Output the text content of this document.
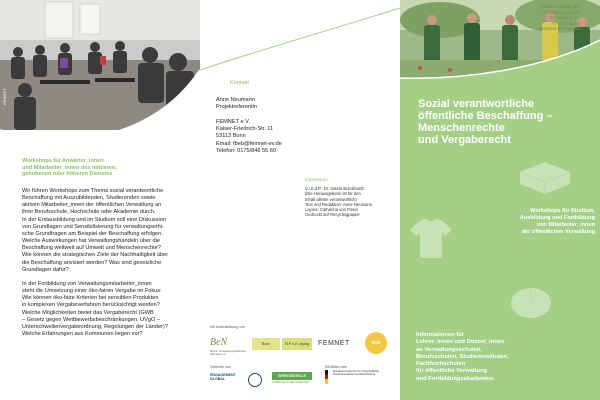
FEMNET
Workshops für Anwärter_innen
und Mitarbeiter_innen des mittleren,
gehobenen oder höheren Dienstes

Wir führen Workshops zum Thema sozial verantwortliche
Beschaffung mit Auszubildenden, Studierenden sowie
aktiven Mitarbeiter_innen der öffentlichen Verwaltung an
ihrer Berufsschule, Hochschule oder Akademie durch.
In der Erstausbildung und im Studium soll eine Diskussion
von Grundlagen und Sensibilisierung für verwaltungsethi-
sche Grundfragen am Beispiel der Beschaffung erfolgen.
Welche Auswirkungen hat Verwaltungshandeln über die
Beschaffung weltweit auf Umwelt und Menschenrechte?
Wie können die strategischen Ziele der Nachhaltigkeit über
die Beschaffung anvisiert werden? Was sind gesetzliche
Grundlagen dafür?

In der Fortbildung von Verwaltungsmitarbeiter_innen
steht die Umsetzung einer öko-fairen Vergabe im Fokus:
Wie können öko-faire Kriterien bei sensiblen Produkten
in komplexen Vergabeverfahren berücksichtigt werden?
Welche Möglichkeiten bietet das Vergaberecht (GWB
– Gesetz gegen Wettbewerbsbeschränkungen, UVgO –
Unterschwellenvergabeordnung, Regelungen der Länder)?
Welche Erfahrungen aus Kommunen liegen vor?

Kontakt
Anne Neumann
Projektreferentin
FEMNET e.V.
Kaiser-Friedrich-Str. 11
53113 Bonn
Email: fbeb@femnet-ev.de
Telefon: 0175/846 55 60
Impressum
V.i.S.d.P.: Dr. Gisela Burckhardt
(Die Herausgeberin ist für den
Inhalt alleine verantwortlich)
Text und Redaktion: Anne Neumann
Layout: Catharina von Poser
Gedruckt auf Recyclingpapier
Mit Unterstützung von
BeN
Bonner entwicklungspolitisches Netzwerk e.V.
Bonn	FLP e.V. Leipzig	FEMNET	öco
Gefördert von	Mit Mitteln des
ENGAGEMENT GLOBAL
SERVICESTELLE
KOMMUNEN IN DER EINEN WELT
Bundesministerium für wirtschaftliche Zusammenarbeit und Entwicklung
Sozial verantwortliche
öffentliche Beschaffung –
Menschenrechte
und Vergaberecht
Workshops für Studium,
Ausbildung und Fortbildung
von Mitarbeiter_innen
der öffentlichen Verwaltung
Informationen für
Lehrer_innen und Dozent_innen
an Verwaltungsschulen,
Berufsschulen, Studieninstituten,
Fachhochschulen
für öffentliche Verwaltung
und Fortbildungsakademien
Faire Kleidung des
Grünflächenamtes
der Stadt Bonn
© Stadt Bonn
Barbara Frommann
